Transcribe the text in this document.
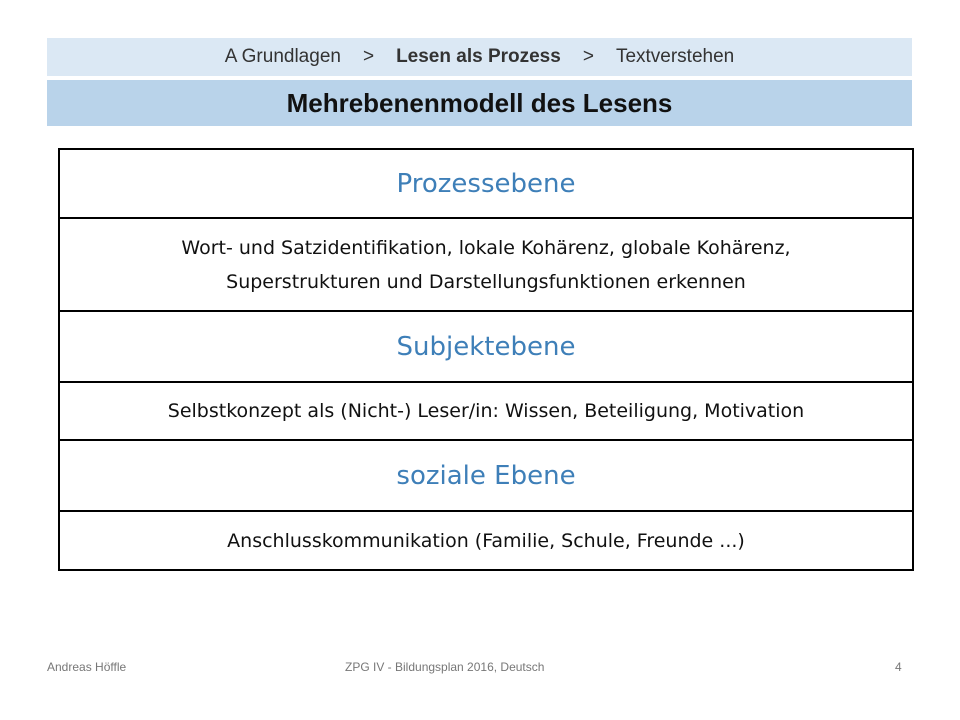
A Grundlagen > Lesen als Prozess > Textverstehen
Mehrebenenmodell des Lesens
Prozessebene
Wort- und Satzidentifikation, lokale Kohärenz, globale Kohärenz,
Superstrukturen und Darstellungsfunktionen erkennen
Subjektebene
Selbstkonzept als (Nicht-) Leser/in: Wissen, Beteiligung, Motivation
soziale Ebene
Anschlusskommunikation (Familie, Schule, Freunde ...)
Andreas Höffle	ZPG IV - Bildungsplan 2016, Deutsch	4
